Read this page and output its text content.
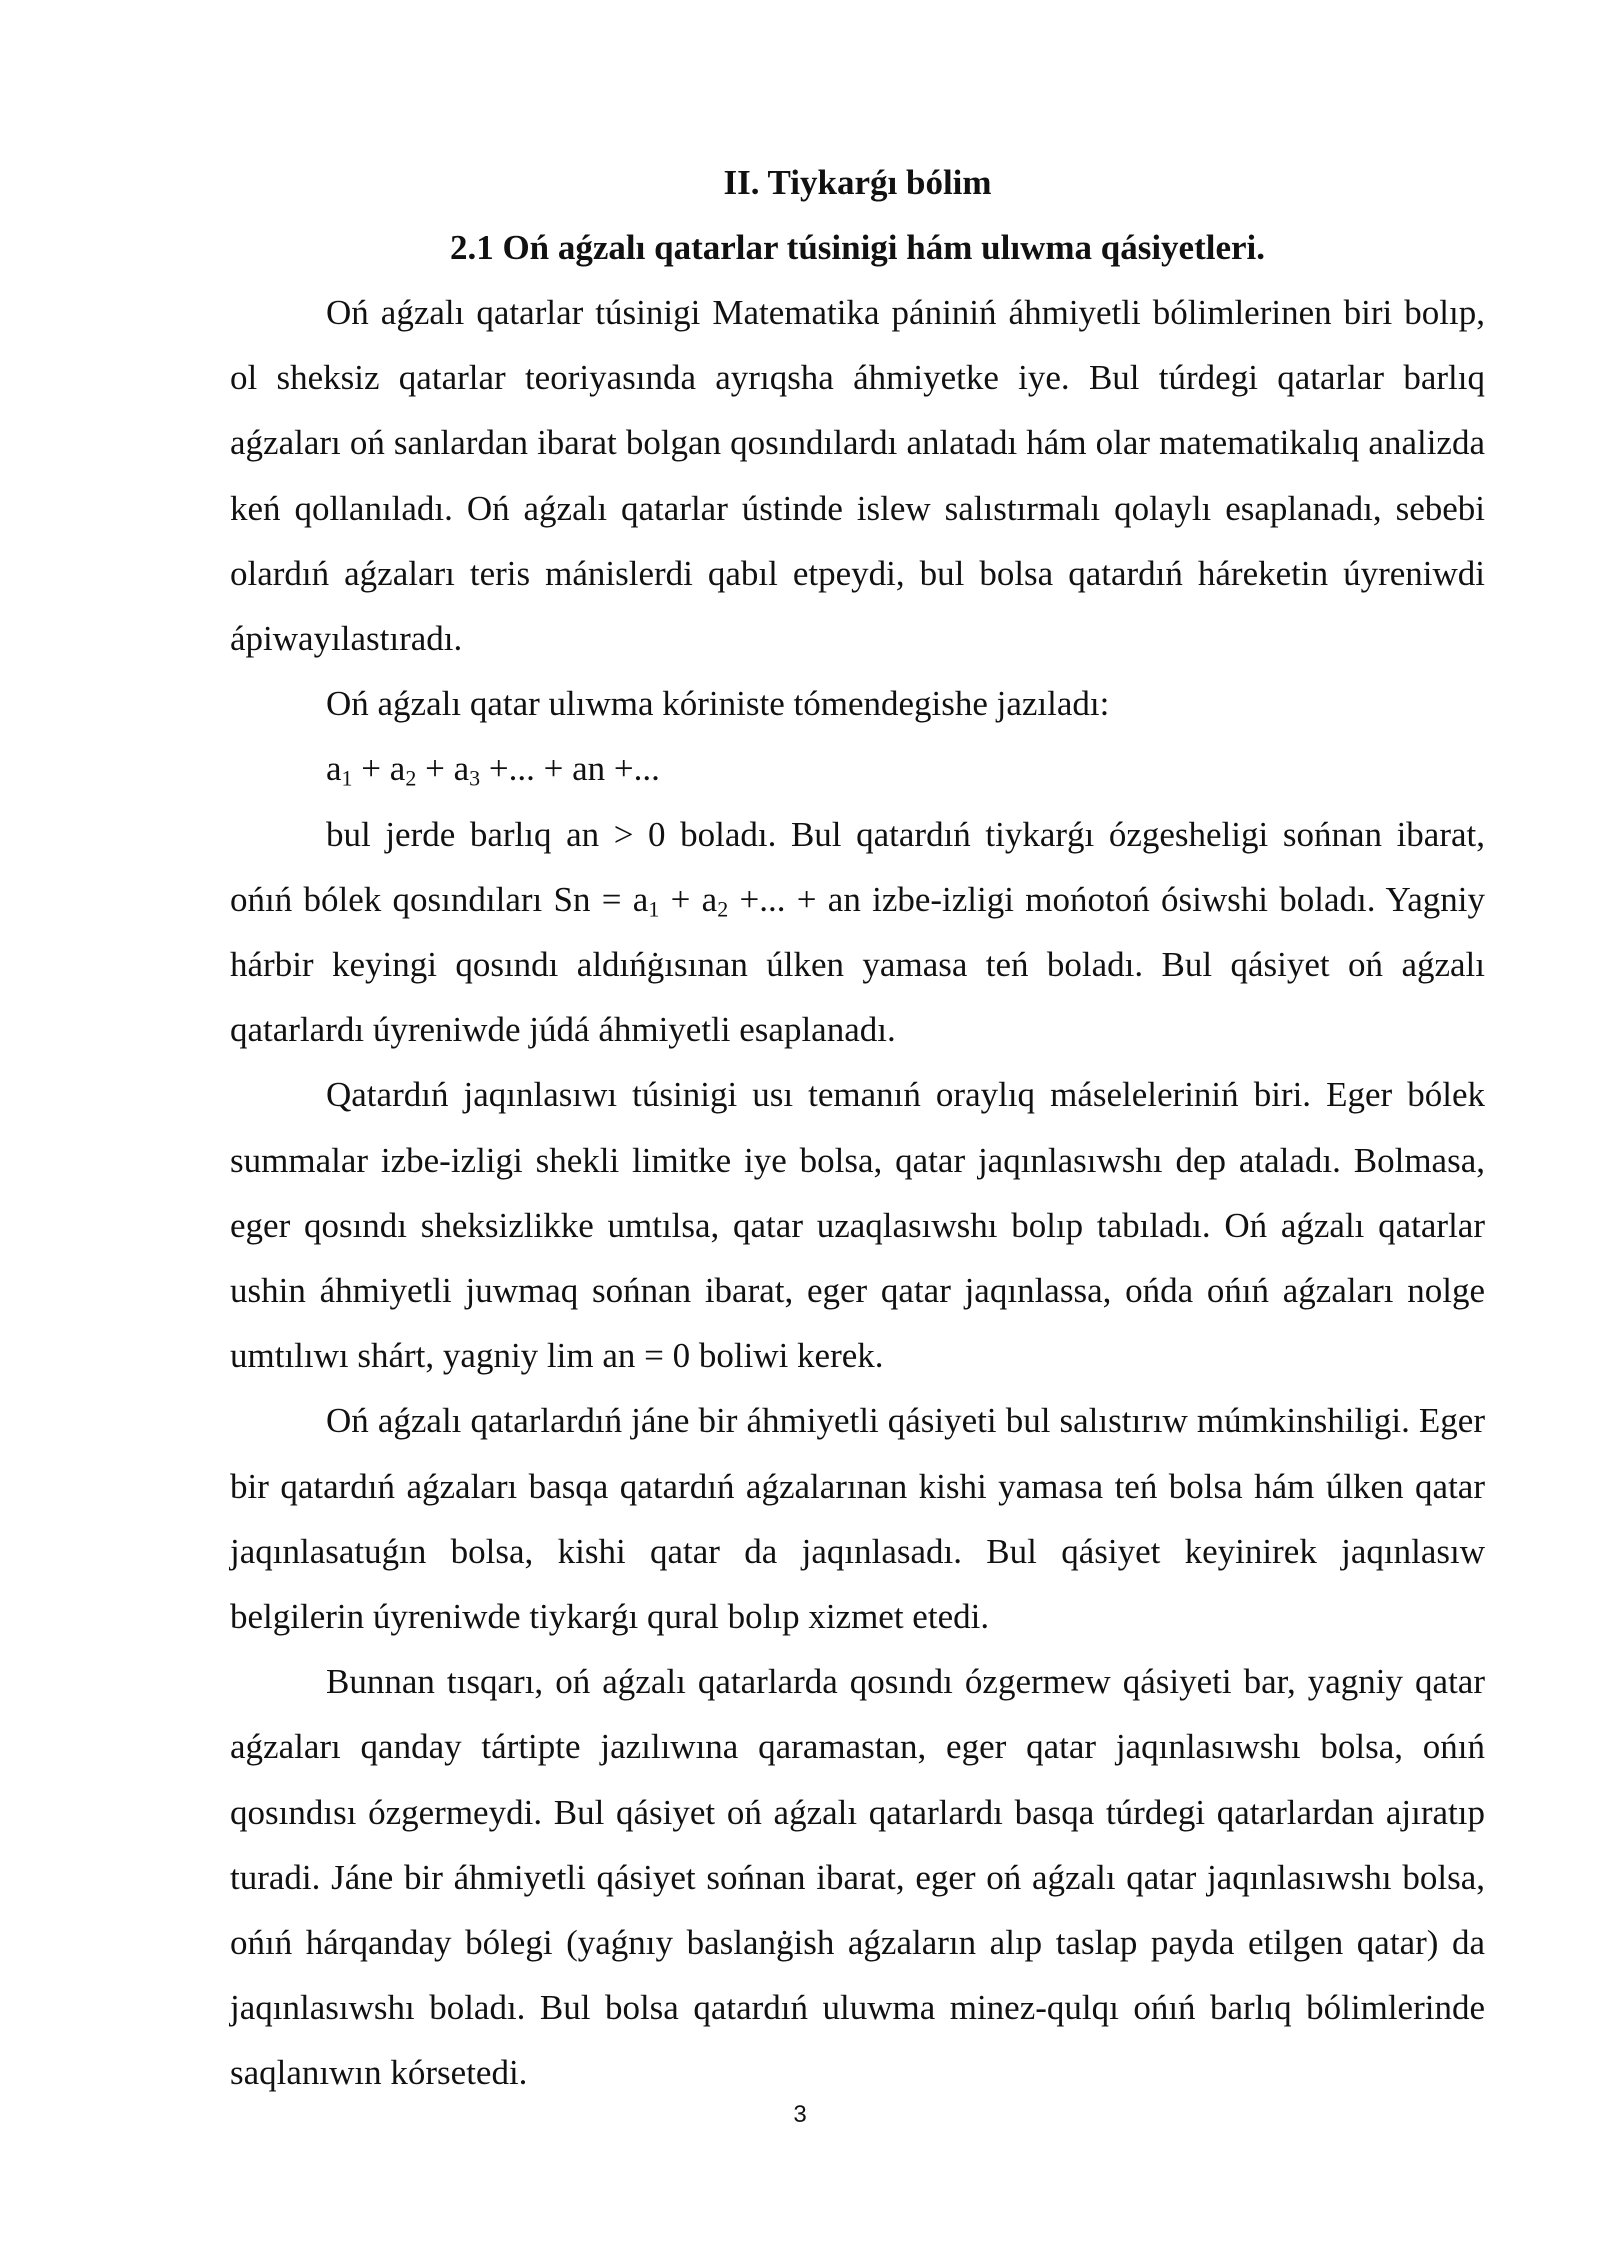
II. Tiykarǵı bólim
2.1 Oń aǵzalı qatarlar túsinigi hám ulıwma qásiyetleri.

Oń aǵzalı qatarlar túsinigi Matematika pániniń áhmiyetli bólimlerinen biri bolıp, ol sheksiz qatarlar teoriyasında ayrıqsha áhmiyetke iye. Bul túrdegi qatarlar barlıq aǵzaları oń sanlardan ibarat bolgan qosındılardı anlatadı hám olar matematikalıq analizda keń qollanıladı. Oń aǵzalı qatarlar ústinde islew salıstırmalı qolaylı esaplanadı, sebebi olardıń aǵzaları teris mánislerdi qabıl etpeydi, bul bolsa qatardıń háreketin úyreniwdi ápiwayılastıradı.

Oń aǵzalı qatar ulıwma kóriniste tómendegishe jazıladı:

$a_1 + a_2 + a_3$ +... + an +...

bul jerde barlıq an > 0 boladı. Bul qatardıń tiykarǵı ózgesheligi sońnan ibarat, ońıń bólek qosındıları $Sn = a_1 + a_2$ +... + an izbe-izligi mońotoń ósiwshi boladı. Yagniy hárbir keyingi qosındı aldıńġısınan úlken yamasa teń boladı. Bul qásiyet oń aǵzalı qatarlardı úyreniwde júdá áhmiyetli esaplanadı.

Qatardıń jaqınlasıwı túsinigi usı temanıń oraylıq máseleleriniń biri. Eger bólek summalar izbe-izligi shekli limitke iye bolsa, qatar jaqınlasıwshı dep ataladı. Bolmasa, eger qosındı sheksizlikke umtılsa, qatar uzaqlasıwshı bolıp tabıladı. Oń aǵzalı qatarlar ushin áhmiyetli juwmaq sońnan ibarat, eger qatar jaqınlassa, ońda ońıń aǵzaları nolge umtılıwı shárt, yagniy lim an = 0 boliwi kerek.

Oń aǵzalı qatarlardıń jáne bir áhmiyetli qásiyeti bul salıstırıw múmkinshiligi. Eger bir qatardıń aǵzaları basqa qatardıń aǵzalarınan kishi yamasa teń bolsa hám úlken qatar jaqınlasatuǵın bolsa, kishi qatar da jaqınlasadı. Bul qásiyet keyinirek jaqınlasıw belgilerin úyreniwde tiykarǵı qural bolıp xizmet etedi.

Bunnan tısqarı, oń aǵzalı qatarlarda qosındı ózgermew qásiyeti bar, yagniy qatar aǵzaları qanday tártipte jazılıwına qaramastan, eger qatar jaqınlasıwshı bolsa, ońıń qosındısı ózgermeydi. Bul qásiyet oń aǵzalı qatarlardı basqa túrdegi qatarlardan ajıratıp turadi. Jáne bir áhmiyetli qásiyet sońnan ibarat, eger oń aǵzalı qatar jaqınlasıwshı bolsa, ońıń hárqanday bólegi (yaǵnıy baslanġish aǵzaların alıp taslap payda etilgen qatar) da jaqınlasıwshı boladı. Bul bolsa qatardıń uluwma minez-qulqı ońıń barlıq bólimlerinde saqlanıwın kórsetedi.

3
